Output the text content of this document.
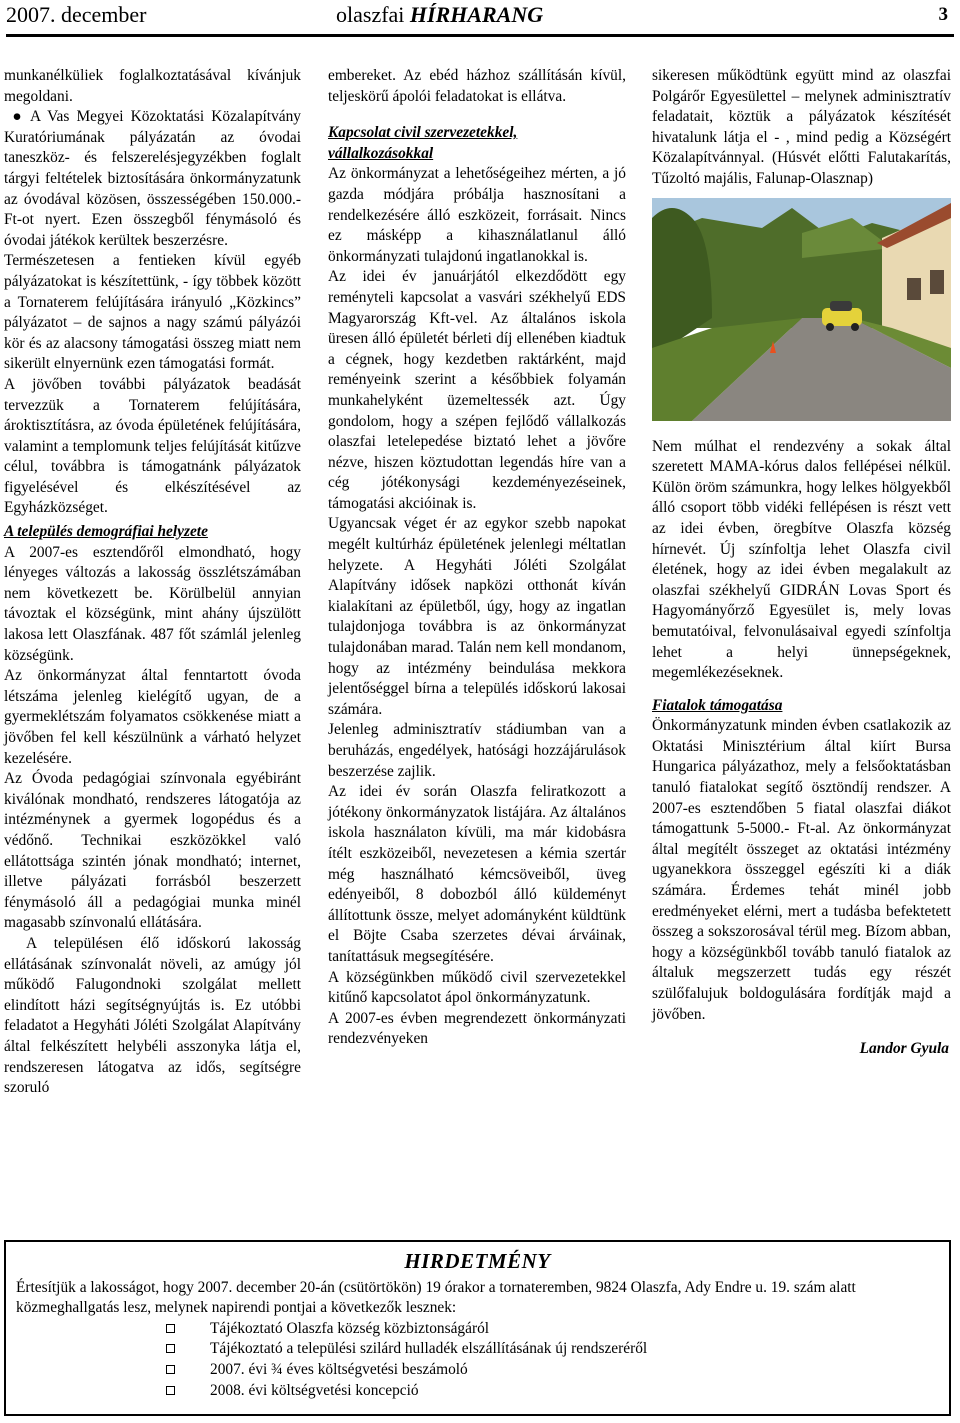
2007. december	olaszfai HÍRHARANG	3

munkanélküliek foglalkoztatásával kívánjuk megoldani.

● A Vas Megyei Közoktatási Közalapítvány Kuratóriumának pályázatán az óvodai taneszköz- és felszerelésjegyzékben foglalt tárgyi feltételek biztosítására önkormányzatunk az óvodával közösen, összességében 150.000.-Ft-ot nyert. Ezen összegből fénymásoló és óvodai játékok kerültek beszerzésre.

Természetesen a fentieken kívül egyéb pályázatokat is készítettünk, - így többek között a Tornaterem felújítására irányuló „Közkincs” pályázatot – de sajnos a nagy számú pályázói kör és az alacsony támogatási összeg miatt nem sikerült elnyernünk ezen támogatási formát.

A jövőben további pályázatok beadását tervezzük a Tornaterem felújítására, ároktisztításra, az óvoda épületének felújítására, valamint a templomunk teljes felújítását kitűzve célul, továbbra is támogatnánk pályázatok figyelésével és elkészítésével az Egyházközséget.

A település demográfiai helyzete

A 2007-es esztendőről elmondható, hogy lényeges változás a lakosság összlétszámában nem következett be. Körülbelül annyian távoztak el községünk, mint ahány újszülött lakosa lett Olaszfának. 487 főt számlál jelenleg községünk.

Az önkormányzat által fenntartott óvoda létszáma jelenleg kielégítő ugyan, de a gyermeklétszám folyamatos csökkenése miatt a jövőben fel kell készülnünk a várható helyzet kezelésére.

Az Óvoda pedagógiai színvonala egyébiránt kiválónak mondható, rendszeres látogatója az intézménynek a gyermek logopédus és a védőnő. Technikai eszközökkel való ellátottsága szintén jónak mondható; internet, illetve pályázati forrásból beszerzett fénymásoló áll a pedagógiai munka minél magasabb színvonalú ellátására.

A településen élő időskorú lakosság ellátásának színvonalát növeli, az amúgy jól működő Falugondnoki szolgálat mellett elindított házi segítségnyújtás is. Ez utóbbi feladatot a Hegyháti Jóléti Szolgálat Alapítvány által felkészített helybéli asszonyka látja el, rendszeresen látogatva az idős, segítségre szoruló

embereket. Az ebéd házhoz szállításán kívül, teljeskörű ápolói feladatokat is ellátva.

Kapcsolat civil szervezetekkel, vállalkozásokkal

Az önkormányzat a lehetőségeihez mérten, a jó gazda módjára próbálja hasznosítani a rendelkezésére álló eszközeit, forrásait. Nincs ez másképp a kihasználatlanul álló önkormányzati tulajdonú ingatlanokkal is.

Az idei év januárjától elkezdődött egy reményteli kapcsolat a vasvári székhelyű EDS Magyarország Kft-vel. Az általános iskola üresen álló épületét bérleti díj ellenében kiadtuk a cégnek, hogy kezdetben raktárként, majd reményeink szerint a későbbiek folyamán munkahelyként üzemeltessék azt. Úgy gondolom, hogy a szépen fejlődő vállalkozás olaszfai letelepedése biztató lehet a jövőre nézve, hiszen köztudottan legendás híre van a cég jótékonysági kezdeményezéseinek, támogatási akcióinak is.

Ugyancsak véget ér az egykor szebb napokat megélt kultúrház épületének jelenlegi méltatlan helyzete. A Hegyháti Jóléti Szolgálat Alapítvány idősek napközi otthonát kíván kialakítani az épületből, úgy, hogy az ingatlan tulajdonjoga továbbra is az önkormányzat tulajdonában marad. Talán nem kell mondanom, hogy az intézmény beindulása mekkora jelentőséggel bírna a település időskorú lakosai számára.

Jelenleg adminisztratív stádiumban van a beruházás, engedélyek, hatósági hozzájárulások beszerzése zajlik.

Az idei év során Olaszfa feliratkozott a jótékony önkormányzatok listájára. Az általános iskola használaton kívüli, ma már kidobásra ítélt eszközeiből, nevezetesen a kémia szertár még használható kémcsöveiből, üveg edényeiből, 8 dobozból álló küldeményt állítottunk össze, melyet adományként küldtünk el Böjte Csaba szerzetes dévai árváinak, tanítattásuk megsegítésére.

A községünkben működő civil szervezetekkel kitűnő kapcsolatot ápol önkormányzatunk.

A 2007-es évben megrendezett önkormányzati rendezvényeken

sikeresen működtünk együtt mind az olaszfai Polgárőr Egyesülettel – melynek adminisztratív feladatait, köztük a pályázatok készítését hivatalunk látja el - , mind pedig a Községért Közalapítvánnyal. (Húsvét előtti Falutakarítás, Tűzoltó majális, Falunap-Olasznap)

Nem múlhat el rendezvény a sokak által szeretett MAMA-kórus dalos fellépései nélkül. Külön öröm számunkra, hogy lelkes hölgyekből álló csoport több vidéki fellépésen is részt vett az idei évben, öregbítve Olaszfa község hírnevét. Új színfoltja lehet Olaszfa civil életének, hogy az idei évben megalakult az olaszfai székhelyű GIDRÁN Lovas Sport és Hagyományőrző Egyesület is, mely lovas bemutatóival, felvonulásaival egyedi színfoltja lehet a helyi ünnepségeknek, megemlékezéseknek.

Fiatalok támogatása

Önkormányzatunk minden évben csatlakozik az Oktatási Minisztérium által kiírt Bursa Hungarica pályázathoz, mely a felsőoktatásban tanuló fiatalokat segítő ösztöndíj rendszer. A 2007-es esztendőben 5 fiatal olaszfai diákot támogattunk 5-5000.- Ft-al. Az önkormányzat által megítélt összeget az oktatási intézmény ugyanekkora összeggel egészíti ki a diák számára. Érdemes tehát minél jobb eredményeket elérni, mert a tudásba befektetett összeg a sokszorosával térül meg. Bízom abban, hogy a községünkből tovább tanuló fiatalok az általuk megszerzett tudás egy részét szülőfalujuk boldogulására fordítják majd a jövőben.

Landor Gyula

HIRDETMÉNY
Értesítjük a lakosságot, hogy 2007. december 20-án (csütörtökön) 19 órakor a tornateremben, 9824 Olaszfa, Ady Endre u. 19. szám alatt közmeghallgatás lesz, melynek napirendi pontjai a következők lesznek:
Tájékoztató Olaszfa község közbiztonságáról
Tájékoztató a települési szilárd hulladék elszállításának új rendszeréről
2007. évi ¾ éves költségvetési beszámoló
2008. évi költségvetési koncepció
